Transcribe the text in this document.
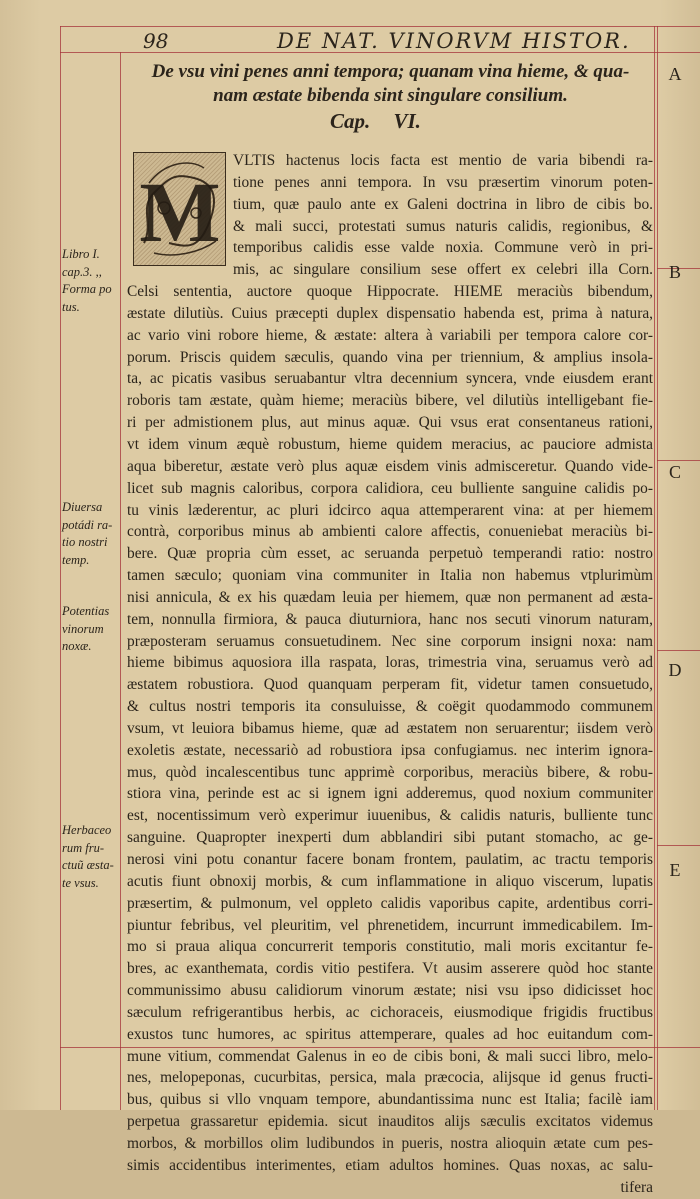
98	DE NAT. VINORVM HISTOR.
De vsu vini penes anni tempora; quanam vina hieme, & qua-
nam æstate bibenda sint singulare consilium.
Cap. VI.
VLTIS hactenus locis facta est mentio de varia bibendi ra-
tione penes anni tempora. In vsu præsertim vinorum poten-
tium, quæ paulo ante ex Galeni doctrina in libro de cibis bo.
& mali succi, protestati sumus naturis calidis, regionibus, &
temporibus calidis esse valde noxia. Commune verò in pri-
mis, ac singulare consilium sese offert ex celebri illa Corn.
Celsi sententia, auctore quoque Hippocrate. HIEME meraciùs bibendum,
æstate dilutiùs. Cuius præcepti duplex dispensatio habenda est, prima à natura,
ac vario vini robore hieme, & æstate: altera à variabili per tempora calore cor-
porum. Priscis quidem sæculis, quando vina per triennium, & amplius insola-
ta, ac picatis vasibus seruabantur vltra decennium syncera, vnde eiusdem erant
roboris tam æstate, quàm hieme; meraciùs bibere, vel dilutiùs intelligebant fie-
ri per admistionem plus, aut minus aquæ. Qui vsus erat consentaneus rationi,
vt idem vinum æquè robustum, hieme quidem meracius, ac pauciore admista
aqua biberetur, æstate verò plus aquæ eisdem vinis admisceretur. Quando vide-
licet sub magnis caloribus, corpora calidiora, ceu bulliente sanguine calidis po-
tu vinis læderentur, ac pluri idcirco aqua attemperarent vina: at per hiemem
contrà, corporibus minus ab ambienti calore affectis, conueniebat meraciùs bi-
bere. Quæ propria cùm esset, ac seruanda perpetuò temperandi ratio: nostro
tamen sæculo; quoniam vina communiter in Italia non habemus vtplurimùm
nisi annicula, & ex his quædam leuia per hiemem, quæ non permanent ad æsta-
tem, nonnulla firmiora, & pauca diuturniora, hanc nos secuti vinorum naturam,
præposteram seruamus consuetudinem. Nec sine corporum insigni noxa: nam
hieme bibimus aquosiora illa raspata, loras, trimestria vina, seruamus verò ad
æstatem robustiora. Quod quanquam perperam fit, videtur tamen consuetudo,
& cultus nostri temporis ita consuluisse, & coëgit quodammodo communem
vsum, vt leuiora bibamus hieme, quæ ad æstatem non seruarentur; iisdem verò
exoletis æstate, necessariò ad robustiora ipsa confugiamus. nec interim ignora-
mus, quòd incalescentibus tunc apprimè corporibus, meraciùs bibere, & robu-
stiora vina, perinde est ac si ignem igni adderemus, quod noxium communiter
est, nocentissimum verò experimur iuuenibus, & calidis naturis, bulliente tunc
sanguine. Quapropter inexperti dum abblandiri sibi putant stomacho, ac ge-
nerosi vini potu conantur facere bonam frontem, paulatim, ac tractu temporis
acutis fiunt obnoxij morbis, & cum inflammatione in aliquo viscerum, lupatis
præsertim, & pulmonum, vel oppleto calidis vaporibus capite, ardentibus corri-
piuntur febribus, vel pleuritim, vel phrenetidem, incurrunt immedicabilem. Im-
mo si praua aliqua concurrerit temporis constitutio, mali moris excitantur fe-
bres, ac exanthemata, cordis vitio pestifera. Vt ausim asserere quòd hoc stante
communissimo abusu calidiorum vinorum æstate; nisi vsu ipso didicisset hoc
sæculum refrigerantibus herbis, ac cichoraceis, eiusmodique frigidis fructibus
exustos tunc humores, ac spiritus attemperare, quales ad hoc euitandum com-
mune vitium, commendat Galenus in eo de cibis boni, & mali succi libro, melo-
nes, melopeponas, cucurbitas, persica, mala præcocia, alijsque id genus fructi-
bus, quibus si vllo vnquam tempore, abundantissima nunc est Italia; facilè iam
perpetua grassaretur epidemia. sicut inauditos alijs sæculis excitatos videmus
morbos, & morbillos olim ludibundos in pueris, nostra alioquin ætate cum pes-
simis accidentibus interimentes, etiam adultos homines. Quas noxas, ac salu-
tifera
M
Libro I.
cap.3. ,,
Forma po
tus.
Diuersa
potádi ra-
tio nostri
temp.
Potentias
vinorum
noxæ.
Herbaceo
rum fru-
ctuũ æsta-
te vsus.
A
B
C
D
E
